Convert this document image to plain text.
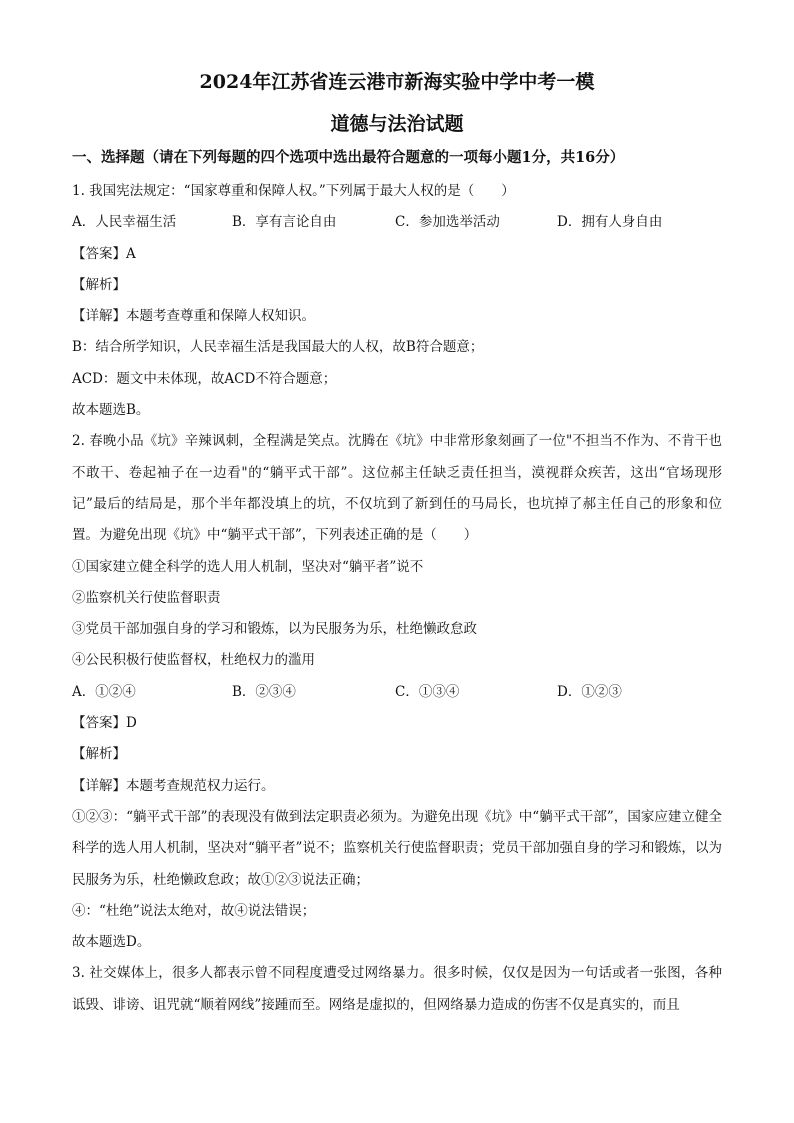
2024年江苏省连云港市新海实验中学中考一模
道德与法治试题

一、选择题（请在下列每题的四个选项中选出最符合题意的一项每小题1分，共16分）

1. 我国宪法规定：“国家尊重和保障人权。”下列属于最大人权的是（　　）

A．人民幸福生活	B．享有言论自由	C．参加选举活动	D．拥有人身自由

【答案】A

【解析】

【详解】本题考查尊重和保障人权知识。

B：结合所学知识，人民幸福生活是我国最大的人权，故B符合题意；

ACD：题文中未体现，故ACD不符合题意；

故本题选B。

2. 春晚小品《坑》辛辣讽刺，全程满是笑点。沈腾在《坑》中非常形象刻画了一位"不担当不作为、不肯干也不敢干、卷起袖子在一边看"的“躺平式干部”。这位郝主任缺乏责任担当，漠视群众疾苦，这出“官场现形记”最后的结局是，那个半年都没填上的坑，不仅坑到了新到任的马局长，也坑掉了郝主任自己的形象和位置。为避免出现《坑》中“躺平式干部”，下列表述正确的是（　　）

①国家建立健全科学的选人用人机制，坚决对“躺平者”说不

②监察机关行使监督职责

③党员干部加强自身的学习和锻炼，以为民服务为乐，杜绝懒政怠政

④公民积极行使监督权，杜绝权力的滥用

A．①②④	B．②③④	C．①③④	D．①②③

【答案】D

【解析】

【详解】本题考查规范权力运行。

①②③：“躺平式干部”的表现没有做到法定职责必须为。为避免出现《坑》中“躺平式干部”，国家应建立健全科学的选人用人机制，坚决对“躺平者”说不；监察机关行使监督职责；党员干部加强自身的学习和锻炼，以为民服务为乐，杜绝懒政怠政；故①②③说法正确；

④：“杜绝”说法太绝对，故④说法错误；

故本题选D。

3. 社交媒体上，很多人都表示曾不同程度遭受过网络暴力。很多时候，仅仅是因为一句话或者一张图，各种诋毁、诽谤、诅咒就“顺着网线”接踵而至。网络是虚拟的，但网络暴力造成的伤害不仅是真实的，而且
